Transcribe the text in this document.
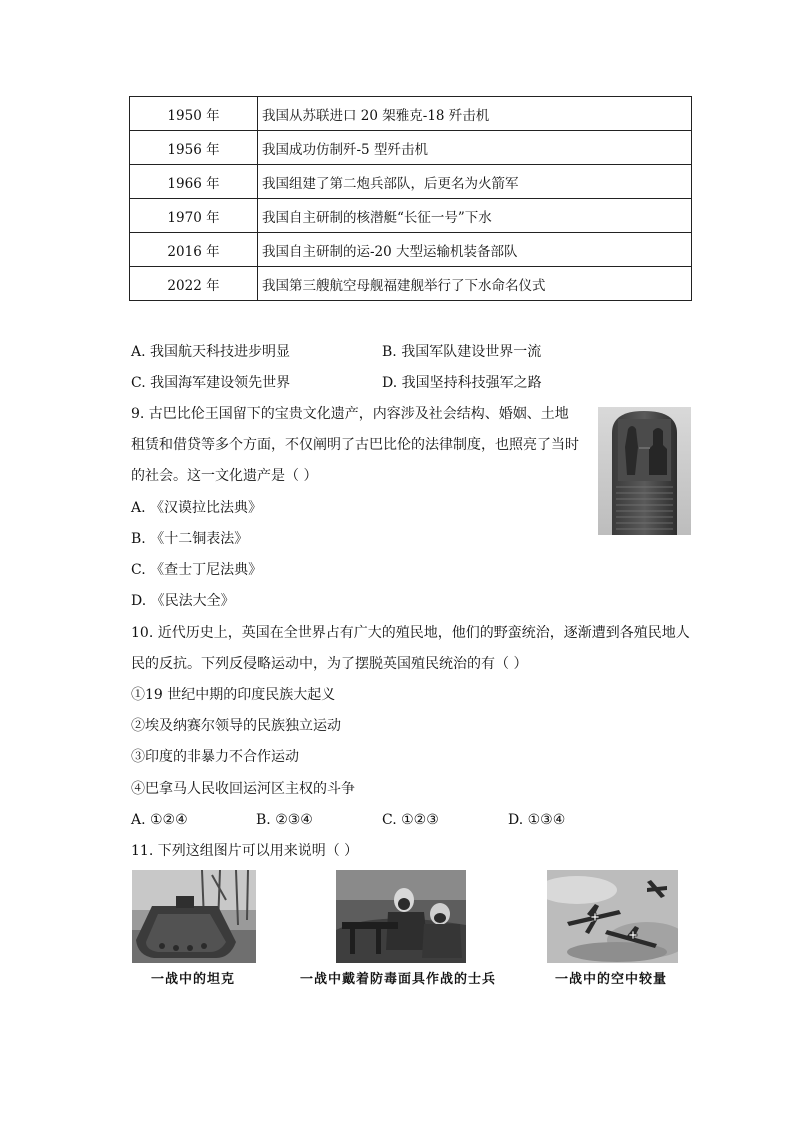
1950 年	我国从苏联进口 20 架雅克-18 歼击机
1956 年	我国成功仿制歼-5 型歼击机
1966 年	我国组建了第二炮兵部队，后更名为火箭军
1970 年	我国自主研制的核潜艇“长征一号”下水
2016 年	我国自主研制的运-20 大型运输机装备部队
2022 年	我国第三艘航空母舰福建舰举行了下水命名仪式
A. 我国航天科技进步明显	B. 我国军队建设世界一流
C. 我国海军建设领先世界	D. 我国坚持科技强军之路
9. 古巴比伦王国留下的宝贵文化遗产，内容涉及社会结构、婚姻、土地
租赁和借贷等多个方面，不仅阐明了古巴比伦的法律制度，也照亮了当时
的社会。这一文化遗产是（ ）
A. 《汉谟拉比法典》
B. 《十二铜表法》
C. 《查士丁尼法典》
D. 《民法大全》
10. 近代历史上，英国在全世界占有广大的殖民地，他们的野蛮统治，逐渐遭到各殖民地人
民的反抗。下列反侵略运动中，为了摆脱英国殖民统治的有（ ）
①19 世纪中期的印度民族大起义
②埃及纳赛尔领导的民族独立运动
③印度的非暴力不合作运动
④巴拿马人民收回运河区主权的斗争
A. ①②④	B. ②③④	C. ①②③	D. ①③④
11. 下列这组图片可以用来说明（ ）
一战中的坦克	一战中戴着防毒面具作战的士兵	一战中的空中较量
